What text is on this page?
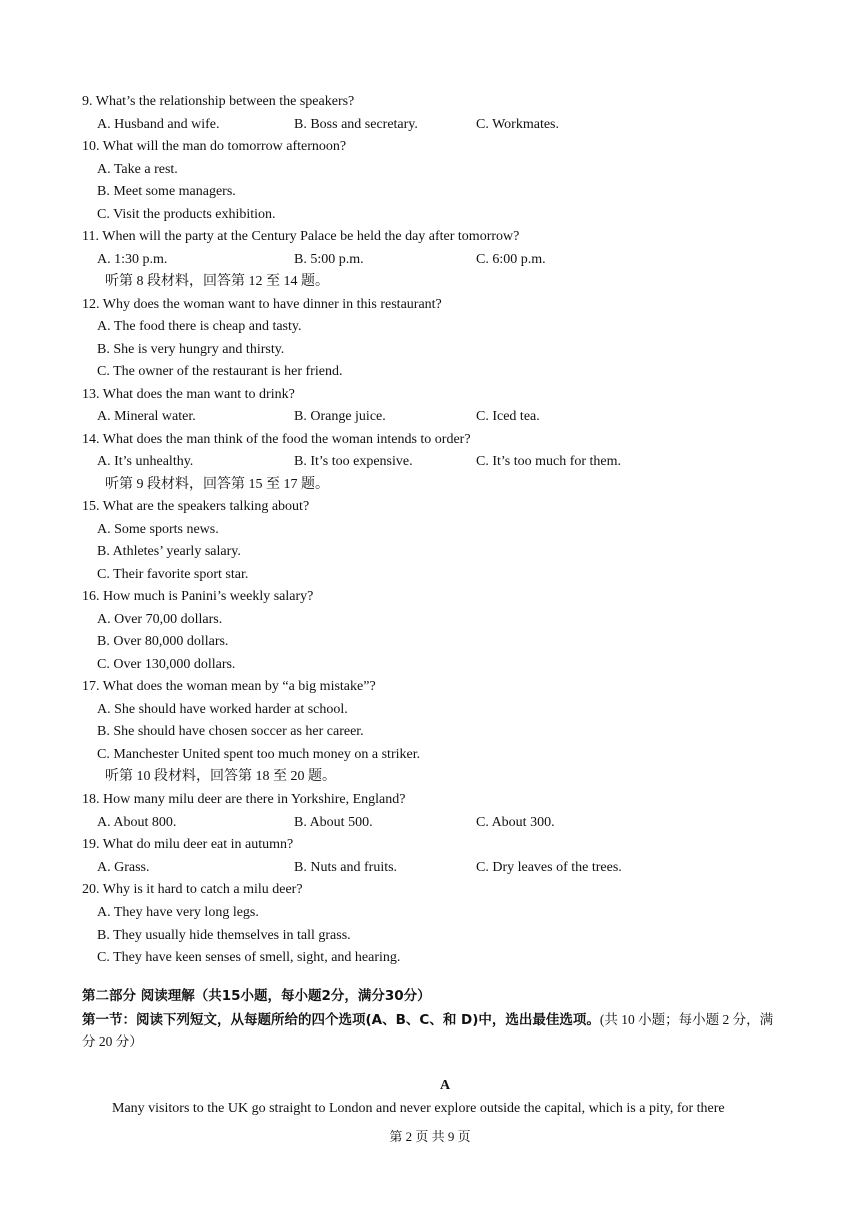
9. What’s the relationship between the speakers?
A. Husband and wife.	B. Boss and secretary.	C. Workmates.
10. What will the man do tomorrow afternoon?
A. Take a rest.
B. Meet some managers.
C. Visit the products exhibition.
11. When will the party at the Century Palace be held the day after tomorrow?
A. 1:30 p.m.	B. 5:00 p.m.	C. 6:00 p.m.
听第 8 段材料，回答第 12 至 14 题。
12. Why does the woman want to have dinner in this restaurant?
A. The food there is cheap and tasty.
B. She is very hungry and thirsty.
C. The owner of the restaurant is her friend.
13. What does the man want to drink?
A. Mineral water.	B. Orange juice.	C. Iced tea.
14. What does the man think of the food the woman intends to order?
A. It’s unhealthy.	B. It’s too expensive.	C. It’s too much for them.
听第 9 段材料，回答第 15 至 17 题。
15. What are the speakers talking about?
A. Some sports news.
B. Athletes’ yearly salary.
C. Their favorite sport star.
16. How much is Panini’s weekly salary?
A. Over 70,00 dollars.
B. Over 80,000 dollars.
C. Over 130,000 dollars.
17. What does the woman mean by “a big mistake”?
A. She should have worked harder at school.
B. She should have chosen soccer as her career.
C. Manchester United spent too much money on a striker.
听第 10 段材料，回答第 18 至 20 题。
18. How many milu deer are there in Yorkshire, England?
A. About 800.	B. About 500.	C. About 300.
19. What do milu deer eat in autumn?
A. Grass.	B. Nuts and fruits.	C. Dry leaves of the trees.
20. Why is it hard to catch a milu deer?
A. They have very long legs.
B. They usually hide themselves in tall grass.
C. They have keen senses of smell, sight, and hearing.
第二部分 阅读理解（共15小题，每小题2分，满分30分）
第一节：阅读下列短文，从每题所给的四个选项(A、B、C、和 D)中，选出最佳选项。(共 10 小题；每小题 2 分，满分 20 分）
A
Many visitors to the UK go straight to London and never explore outside the capital, which is a pity, for there
第 2 页 共 9 页
